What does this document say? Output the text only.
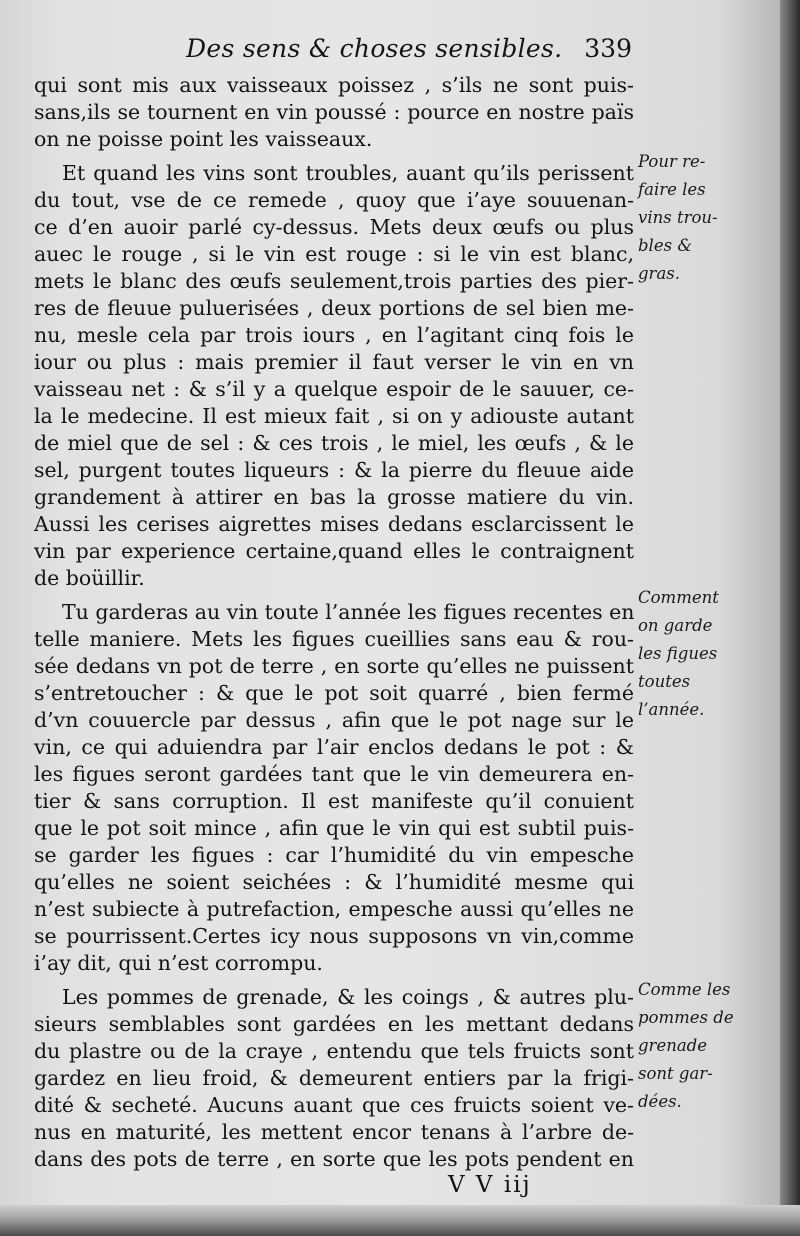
Des sens & choses sensibles. 339
qui sont mis aux vaisseaux poissez , s’ils ne sont puis-
sans,ils se tournent en vin poussé : pource en nostre païs
on ne poisse point les vaisseaux.
Et quand les vins sont troubles, auant qu’ils perissent
du tout, vse de ce remede , quoy que i’aye souuenan-
ce d’en auoir parlé cy-dessus. Mets deux œufs ou plus
auec le rouge , si le vin est rouge : si le vin est blanc,
mets le blanc des œufs seulement,trois parties des pier-
res de fleuue puluerisées , deux portions de sel bien me-
nu, mesle cela par trois iours , en l’agitant cinq fois le
iour ou plus : mais premier il faut verser le vin en vn
vaisseau net : & s’il y a quelque espoir de le sauuer, ce-
la le medecine. Il est mieux fait , si on y adiouste autant
de miel que de sel : & ces trois , le miel, les œufs , & le
sel, purgent toutes liqueurs : & la pierre du fleuue aide
grandement à attirer en bas la grosse matiere du vin.
Aussi les cerises aigrettes mises dedans esclarcissent le
vin par experience certaine,quand elles le contraignent
de boüillir.
Tu garderas au vin toute l’année les figues recentes en
telle maniere. Mets les figues cueillies sans eau & rou-
sée dedans vn pot de terre , en sorte qu’elles ne puissent
s’entretoucher : & que le pot soit quarré , bien fermé
d’vn couuercle par dessus , afin que le pot nage sur le
vin, ce qui aduiendra par l’air enclos dedans le pot : &
les figues seront gardées tant que le vin demeurera en-
tier & sans corruption. Il est manifeste qu’il conuient
que le pot soit mince , afin que le vin qui est subtil puis-
se garder les figues : car l’humidité du vin empesche
qu’elles ne soient seichées : & l’humidité mesme qui
n’est subiecte à putrefaction, empesche aussi qu’elles ne
se pourrissent.Certes icy nous supposons vn vin,comme
i’ay dit, qui n’est corrompu.
Les pommes de grenade, & les coings , & autres plu-
sieurs semblables sont gardées en les mettant dedans
du plastre ou de la craye , entendu que tels fruicts sont
gardez en lieu froid, & demeurent entiers par la frigi-
dité & secheté. Aucuns auant que ces fruicts soient ve-
nus en maturité, les mettent encor tenans à l’arbre de-
dans des pots de terre , en sorte que les pots pendent en
Pour re-
faire les
vins trou-
bles &
gras.
Comment
on garde
les figues
toutes
l’année.
Comme les
pommes de
grenade
sont gar-
dées.
V V iij
